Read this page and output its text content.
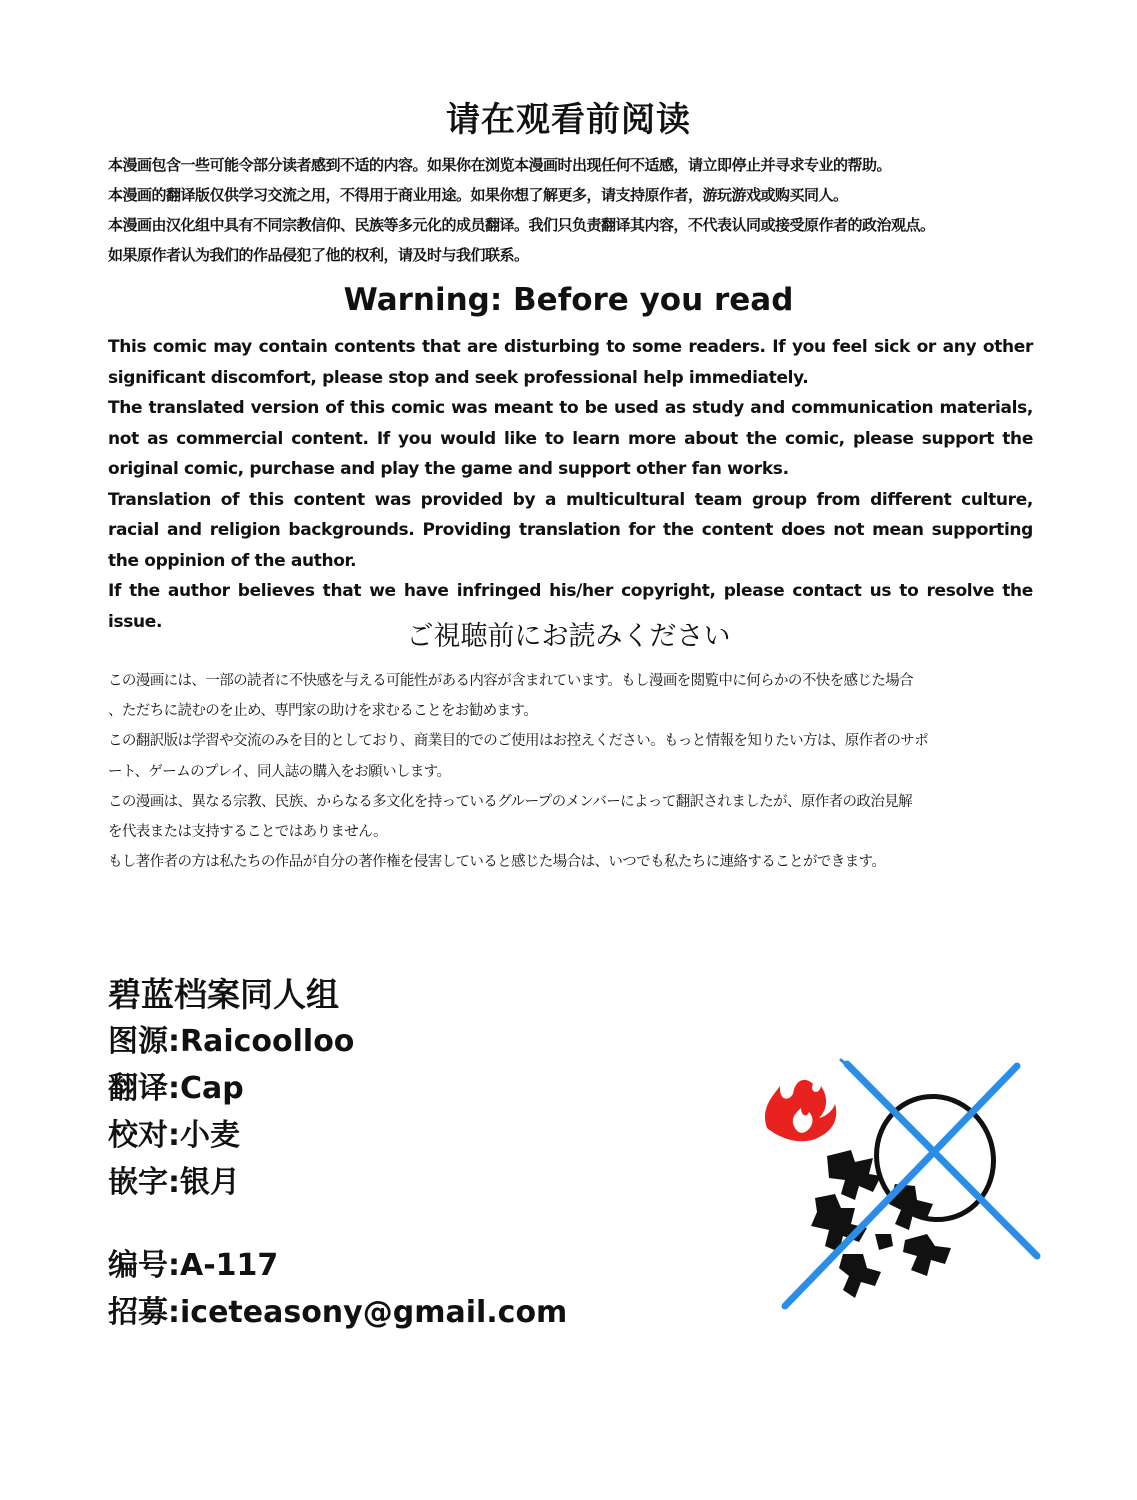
请在观看前阅读

本漫画包含一些可能令部分读者感到不适的内容。如果你在浏览本漫画时出现任何不适感，请立即停止并寻求专业的帮助。

本漫画的翻译版仅供学习交流之用，不得用于商业用途。如果你想了解更多，请支持原作者，游玩游戏或购买同人。

本漫画由汉化组中具有不同宗教信仰、民族等多元化的成员翻译。我们只负责翻译其内容，不代表认同或接受原作者的政治观点。

如果原作者认为我们的作品侵犯了他的权利，请及时与我们联系。

Warning: Before you read

This comic may contain contents that are disturbing to some readers. If you feel sick or any other significant discomfort, please stop and seek professional help immediately.

The translated version of this comic was meant to be used as study and communication materials, not as commercial content. If you would like to learn more about the comic, please support the original comic, purchase and play the game and support other fan works.

Translation of this content was provided by a multicultural team group from different culture, racial and religion backgrounds. Providing translation for the content does not mean supporting the oppinion of the author.

If the author believes that we have infringed his/her copyright, please contact us to resolve the issue.	ご視聴前にお読みください

この漫画には、一部の読者に不快感を与える可能性がある内容が含まれています。もし漫画を閲覧中に何らかの不快を感じた場合

、ただちに読むのを止め、専門家の助けを求むることをお勧めます。

この翻訳版は学習や交流のみを目的としており、商業目的でのご使用はお控えください。もっと情報を知りたい方は、原作者のサポ

ート、ゲームのプレイ、同人誌の購入をお願いします。

この漫画は、異なる宗教、民族、からなる多文化を持っているグループのメンバーによって翻訳されましたが、原作者の政治見解

を代表または支持することではありません。

もし著作者の方は私たちの作品が自分の著作権を侵害していると感じた場合は、いつでも私たちに連絡することができます。

碧蓝档案同人组
图源:Raicoolloo
翻译:Cap
校对:小麦
嵌字:银月
编号:A-117
招募:iceteasony@gmail.com
